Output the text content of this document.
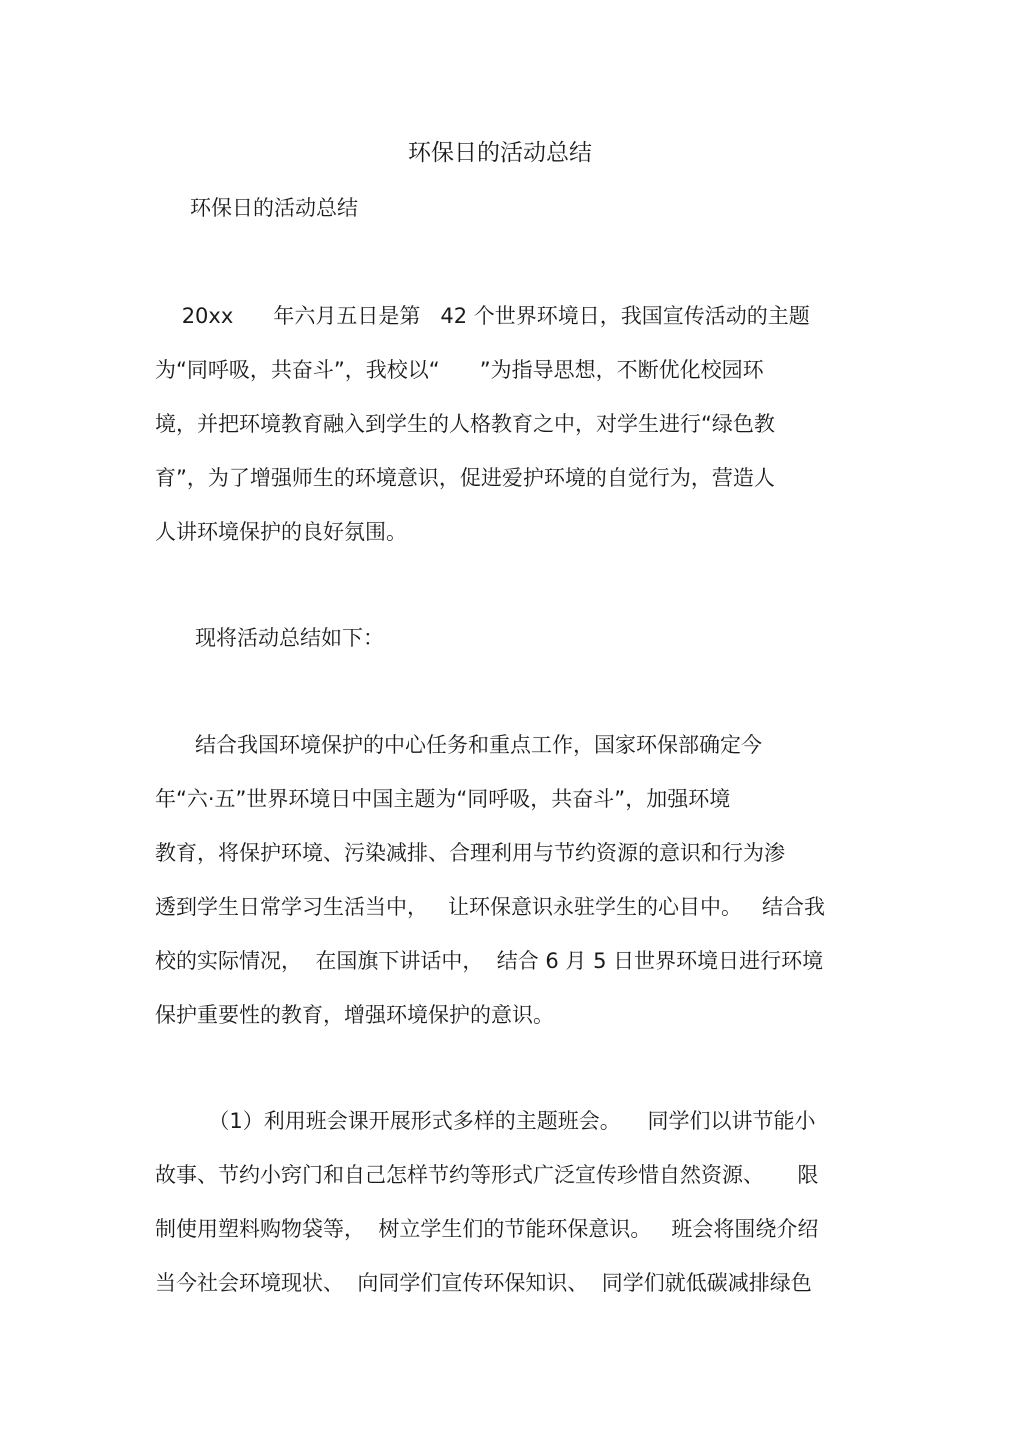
环保日的活动总结
环保日的活动总结
20xx      年六月五日是第   42 个世界环境日，我国宣传活动的主题
为“同呼吸，共奋斗”，我校以“      ”为指导思想，不断优化校园环
境，并把环境教育融入到学生的人格教育之中，对学生进行“绿色教
育”，为了增强师生的环境意识，促进爱护环境的自觉行为，营造人
人讲环境保护的良好氛围。
现将活动总结如下：
结合我国环境保护的中心任务和重点工作，国家环保部确定今
年“六·五”世界环境日中国主题为“同呼吸，共奋斗”，加强环境
教育，将保护环境、污染减排、合理利用与节约资源的意识和行为渗
透到学生日常学习生活当中，   让环保意识永驻学生的心目中。   结合我
校的实际情况，  在国旗下讲话中，  结合 6 月 5 日世界环境日进行环境
保护重要性的教育，增强环境保护的意识。
（1）利用班会课开展形式多样的主题班会。    同学们以讲节能小
故事、节约小窍门和自己怎样节约等形式广泛宣传珍惜自然资源、     限
制使用塑料购物袋等，  树立学生们的节能环保意识。   班会将围绕介绍
当今社会环境现状、  向同学们宣传环保知识、  同学们就低碳减排绿色
